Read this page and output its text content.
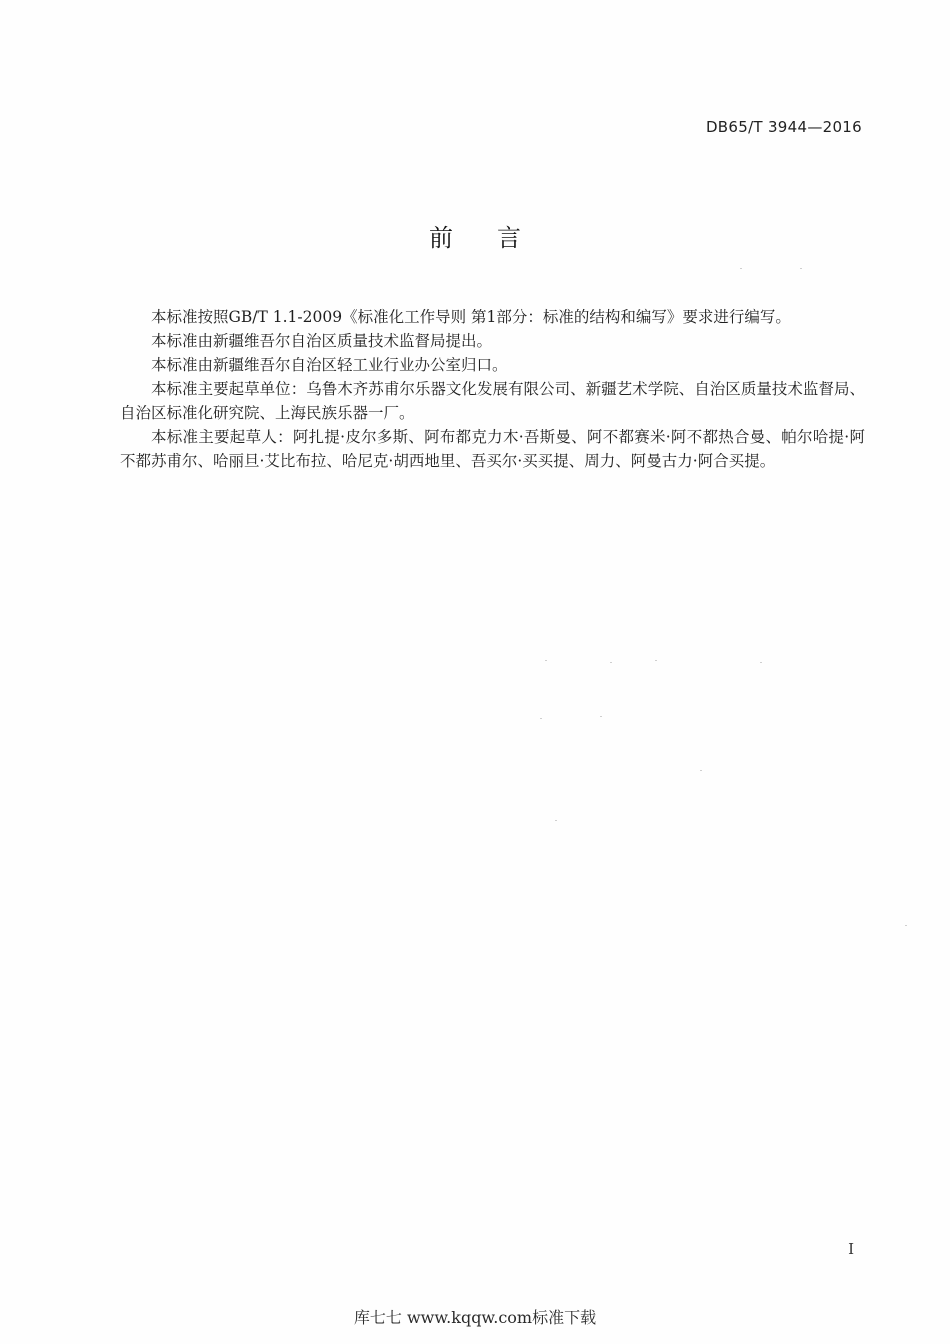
DB65/T 3944—2016
前言

本标准按照GB/T 1.1-2009《标准化工作导则 第1部分：标准的结构和编写》要求进行编写。

本标准由新疆维吾尔自治区质量技术监督局提出。

本标准由新疆维吾尔自治区轻工业行业办公室归口。

本标准主要起草单位：乌鲁木齐苏甫尔乐器文化发展有限公司、新疆艺术学院、自治区质量技术监督局、自治区标准化研究院、上海民族乐器一厂。

本标准主要起草人：阿扎提·皮尔多斯、阿布都克力木·吾斯曼、阿不都赛米·阿不都热合曼、帕尔哈提·阿不都苏甫尔、哈丽旦·艾比布拉、哈尼克·胡西地里、吾买尔·买买提、周力、阿曼古力·阿合买提。

I
库七七 www.kqqw.com标准下载
